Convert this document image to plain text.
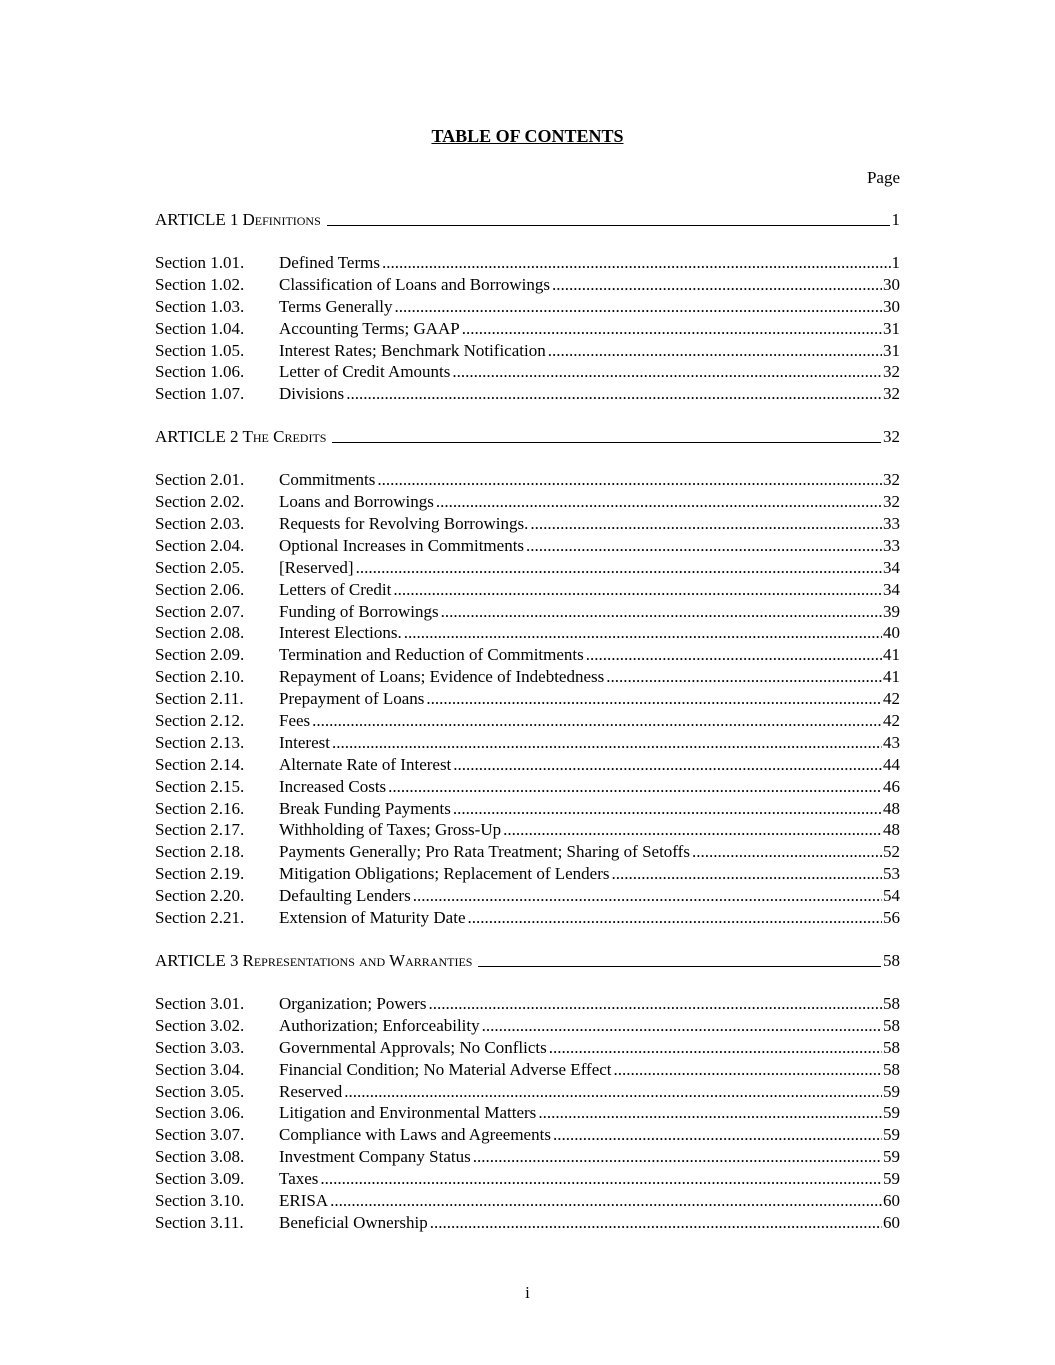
TABLE OF CONTENTS
Page
ARTICLE 1 Definitions	1
Section 1.01.	Defined Terms .....	1
Section 1.02.	Classification of Loans and Borrowings .....	30
Section 1.03.	Terms Generally .....	30
Section 1.04.	Accounting Terms; GAAP .....	31
Section 1.05.	Interest Rates; Benchmark Notification .....	31
Section 1.06.	Letter of Credit Amounts .....	32
Section 1.07.	Divisions .....	32
ARTICLE 2 The Credits	32
Section 2.01.	Commitments .....	32
Section 2.02.	Loans and Borrowings .....	32
Section 2.03.	Requests for Revolving Borrowings. .....	33
Section 2.04.	Optional Increases in Commitments .....	33
Section 2.05.	[Reserved] .....	34
Section 2.06.	Letters of Credit .....	34
Section 2.07.	Funding of Borrowings .....	39
Section 2.08.	Interest Elections. .....	40
Section 2.09.	Termination and Reduction of Commitments .....	41
Section 2.10.	Repayment of Loans; Evidence of Indebtedness .....	41
Section 2.11.	Prepayment of Loans .....	42
Section 2.12.	Fees .....	42
Section 2.13.	Interest .....	43
Section 2.14.	Alternate Rate of Interest .....	44
Section 2.15.	Increased Costs .....	46
Section 2.16.	Break Funding Payments .....	48
Section 2.17.	Withholding of Taxes; Gross-Up .....	48
Section 2.18.	Payments Generally; Pro Rata Treatment; Sharing of Setoffs .....	52
Section 2.19.	Mitigation Obligations; Replacement of Lenders .....	53
Section 2.20.	Defaulting Lenders .....	54
Section 2.21.	Extension of Maturity Date .....	56
ARTICLE 3 Representations and Warranties	58
Section 3.01.	Organization; Powers .....	58
Section 3.02.	Authorization; Enforceability .....	58
Section 3.03.	Governmental Approvals; No Conflicts .....	58
Section 3.04.	Financial Condition; No Material Adverse Effect .....	58
Section 3.05.	Reserved .....	59
Section 3.06.	Litigation and Environmental Matters .....	59
Section 3.07.	Compliance with Laws and Agreements .....	59
Section 3.08.	Investment Company Status .....	59
Section 3.09.	Taxes .....	59
Section 3.10.	ERISA .....	60
Section 3.11.	Beneficial Ownership .....	60
i
